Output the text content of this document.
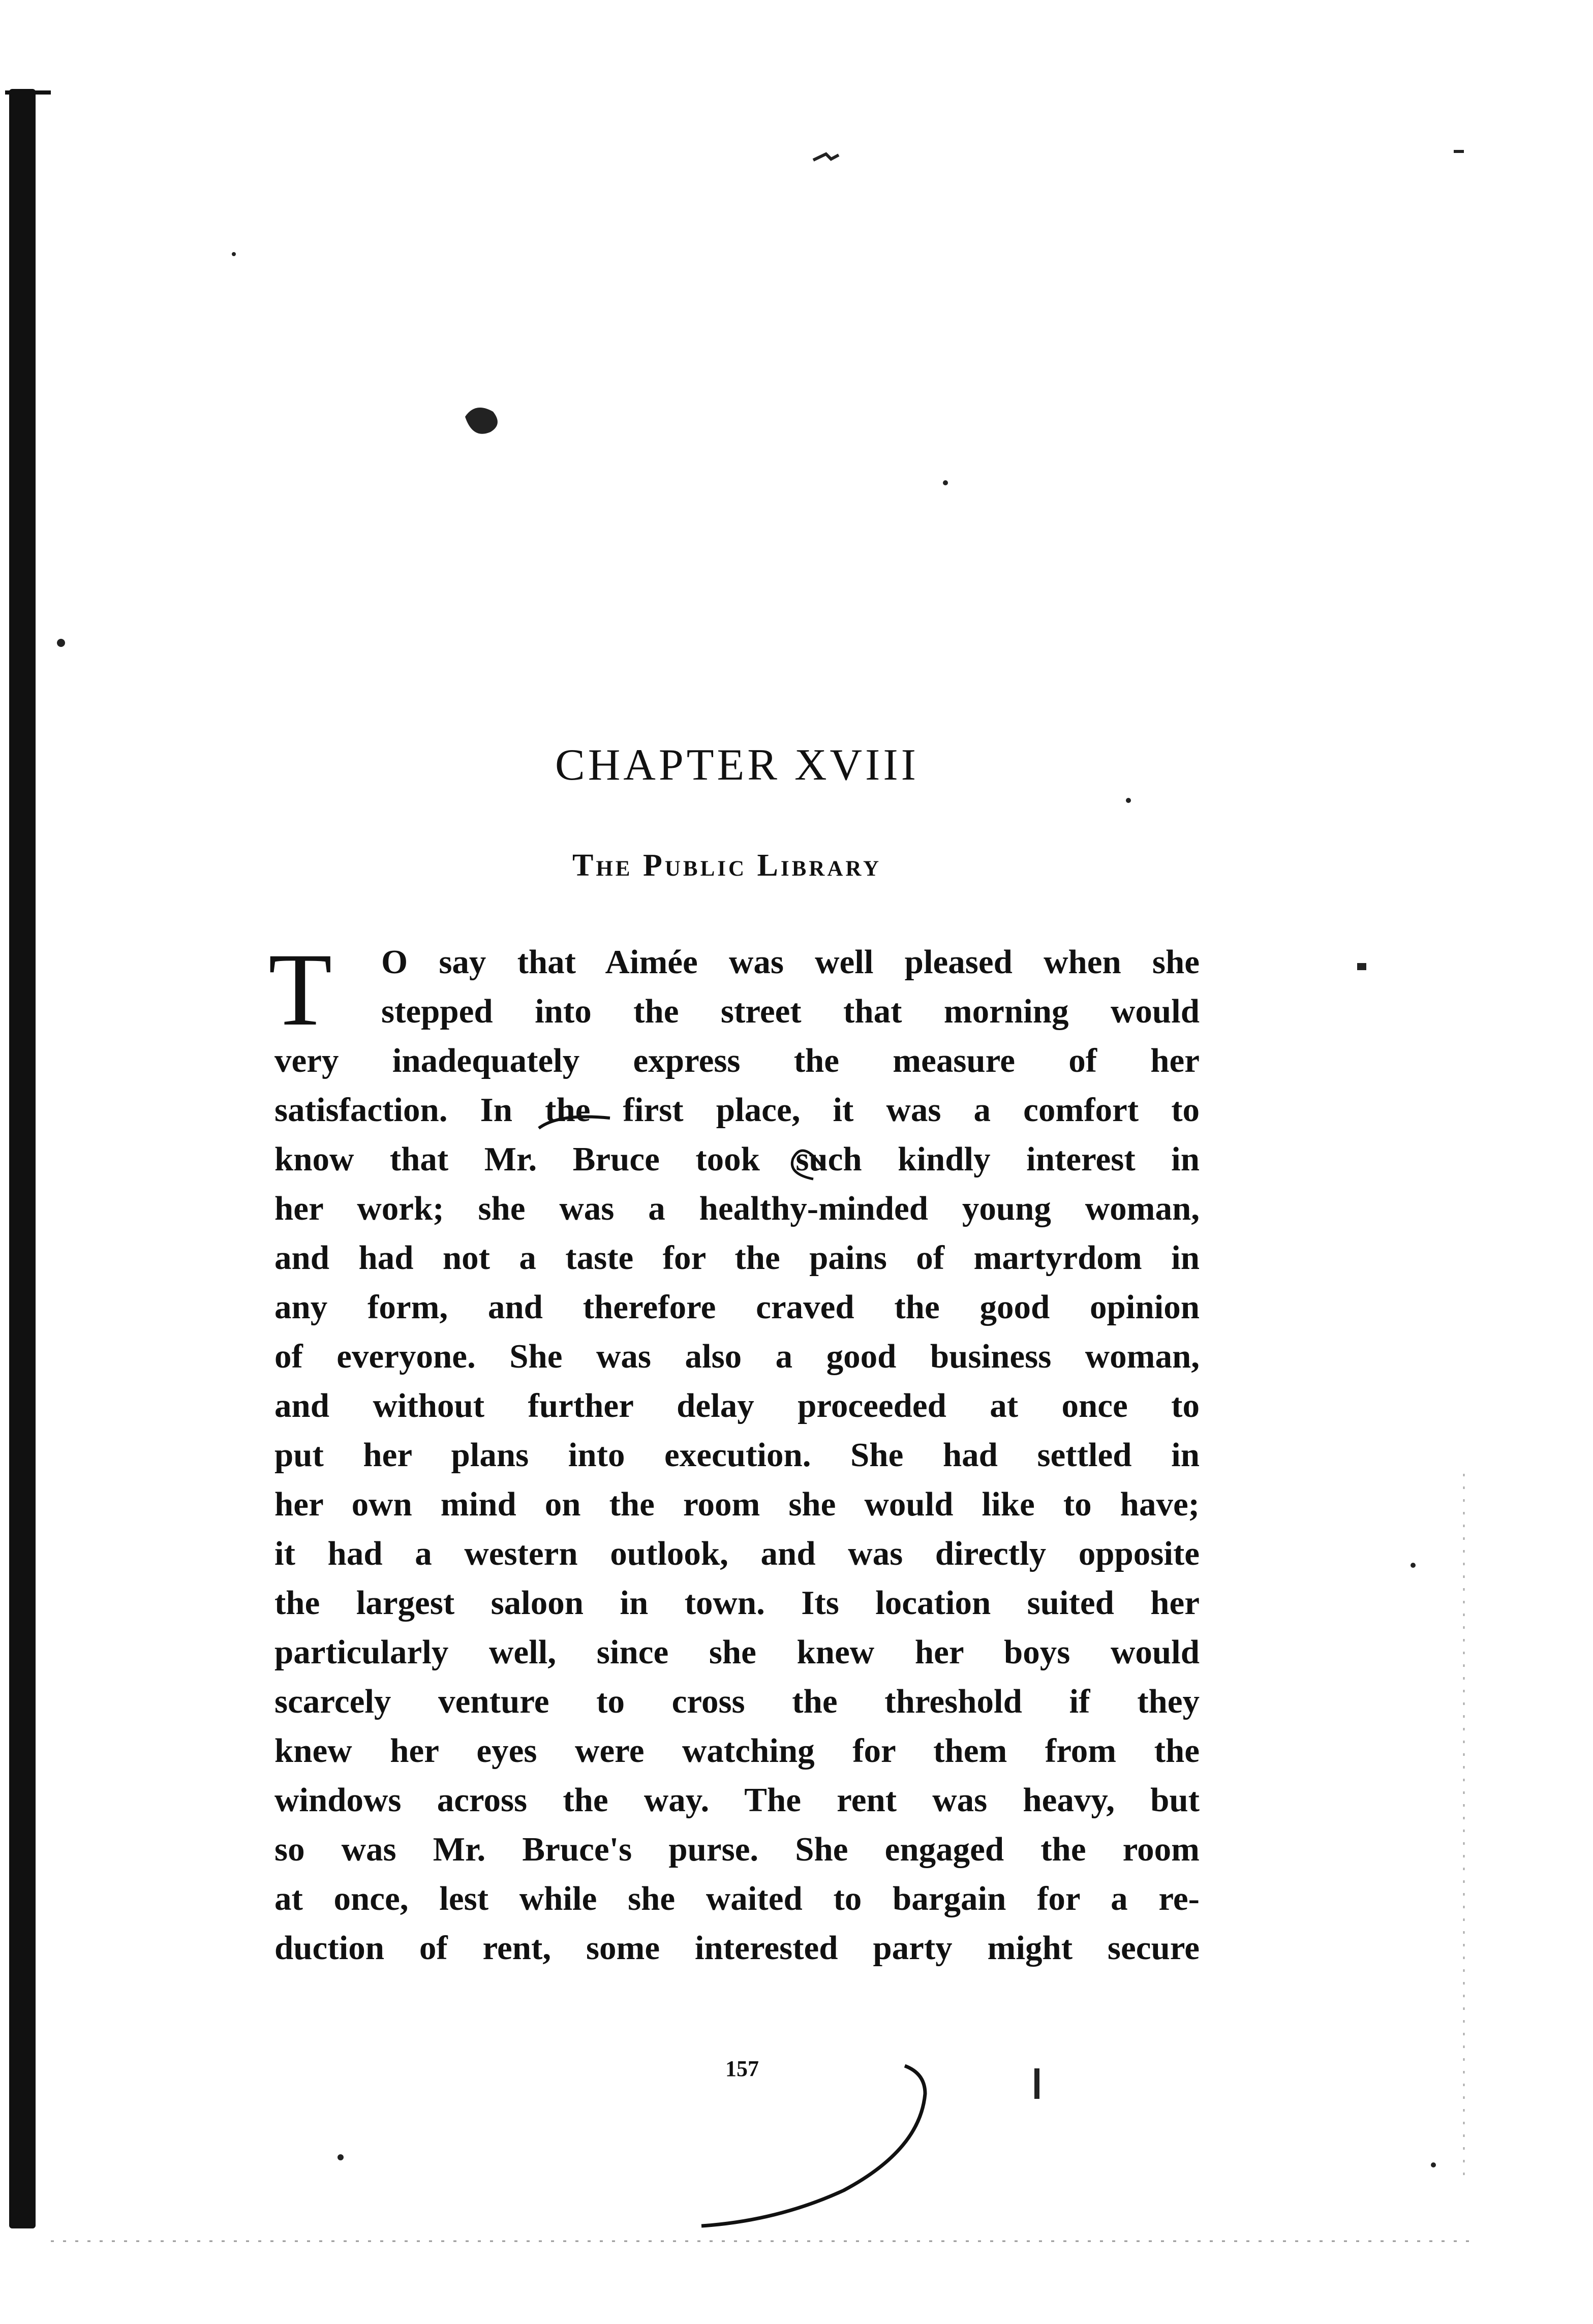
CHAPTER XVIII
The Public Library
T	O say that Aimée was well pleased when she
stepped into the street that morning would
very inadequately express the measure of her
satisfaction. In the first place, it was a comfort to
know that Mr. Bruce took such kindly interest in
her work; she was a healthy-minded young woman,
and had not a taste for the pains of martyrdom in
any form, and therefore craved the good opinion
of everyone. She was also a good business woman,
and without further delay proceeded at once to
put her plans into execution. She had settled in
her own mind on the room she would like to have;
it had a western outlook, and was directly opposite
the largest saloon in town. Its location suited her
particularly well, since she knew her boys would
scarcely venture to cross the threshold if they
knew her eyes were watching for them from the
windows across the way. The rent was heavy, but
so was Mr. Bruce's purse. She engaged the room
at once, lest while she waited to bargain for a re-
duction of rent, some interested party might secure
157
